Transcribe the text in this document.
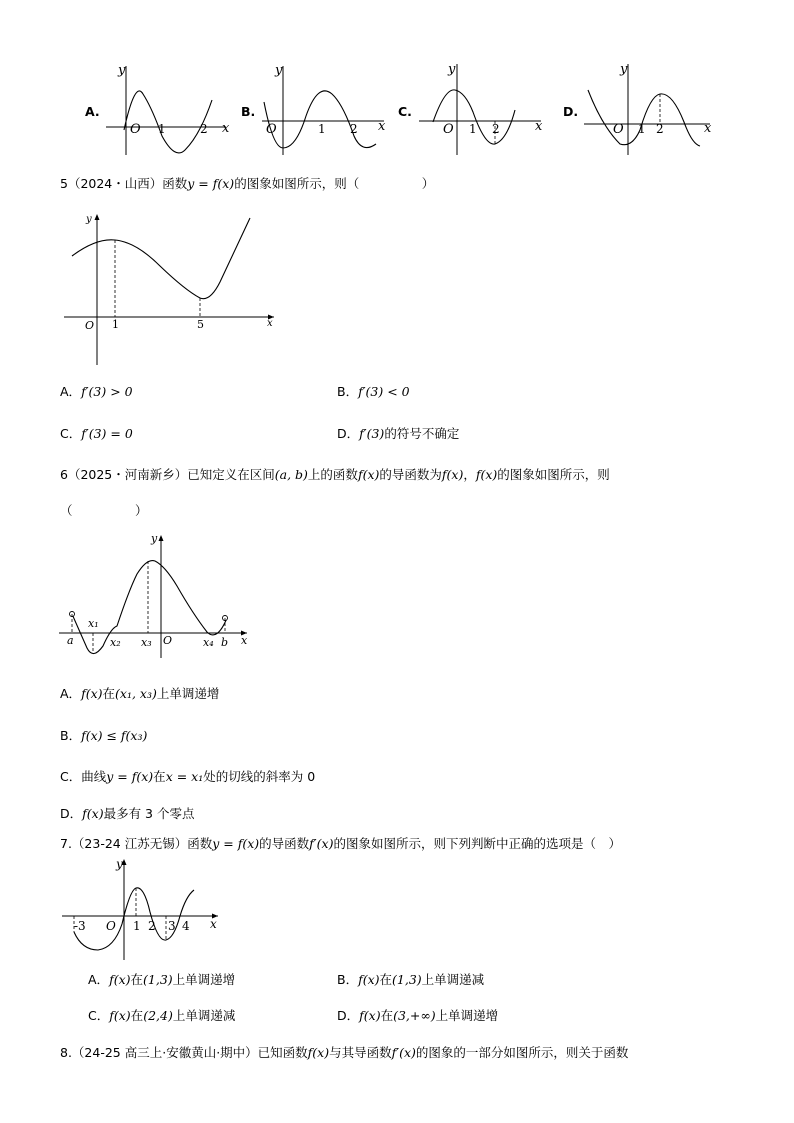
A.
y
x
O 1	2
B.
y
x
O	1 2
C.
y
x
O 1 2
D.
y
x
O 1 2
5（2024・山西）函数y = f(x)的图象如图所示，则（　　　　　）
y
x
O 1	5
A．f′(3) > 0	B．f′(3) < 0
C．f′(3) = 0	D．f′(3)的符号不确定
6（2025・河南新乡）已知定义在区间(a, b)上的函数f(x)的导函数为f(x)，f(x)的图象如图所示，则
（　　　　　）
y
x
O
a	b
x₁
x₂ x₃	x₄
A．f(x)在(x₁, x₃)上单调递增
B．f(x) ≤ f(x₃)
C．曲线y = f(x)在x = x₁处的切线的斜率为 0
D．f(x)最多有 3 个零点
7.（23-24 江苏无锡）函数y = f(x)的导函数f′(x)的图象如图所示，则下列判断中正确的选项是（　）
y
x
O
-3	1 2 3 4
A．f(x)在(1,3)上单调递增	B．f(x)在(1,3)上单调递减
C．f(x)在(2,4)上单调递减	D．f(x)在(3,+∞)上单调递增
8.（24-25 高三上·安徽黄山·期中）已知函数f(x)与其导函数f′(x)的图象的一部分如图所示，则关于函数
